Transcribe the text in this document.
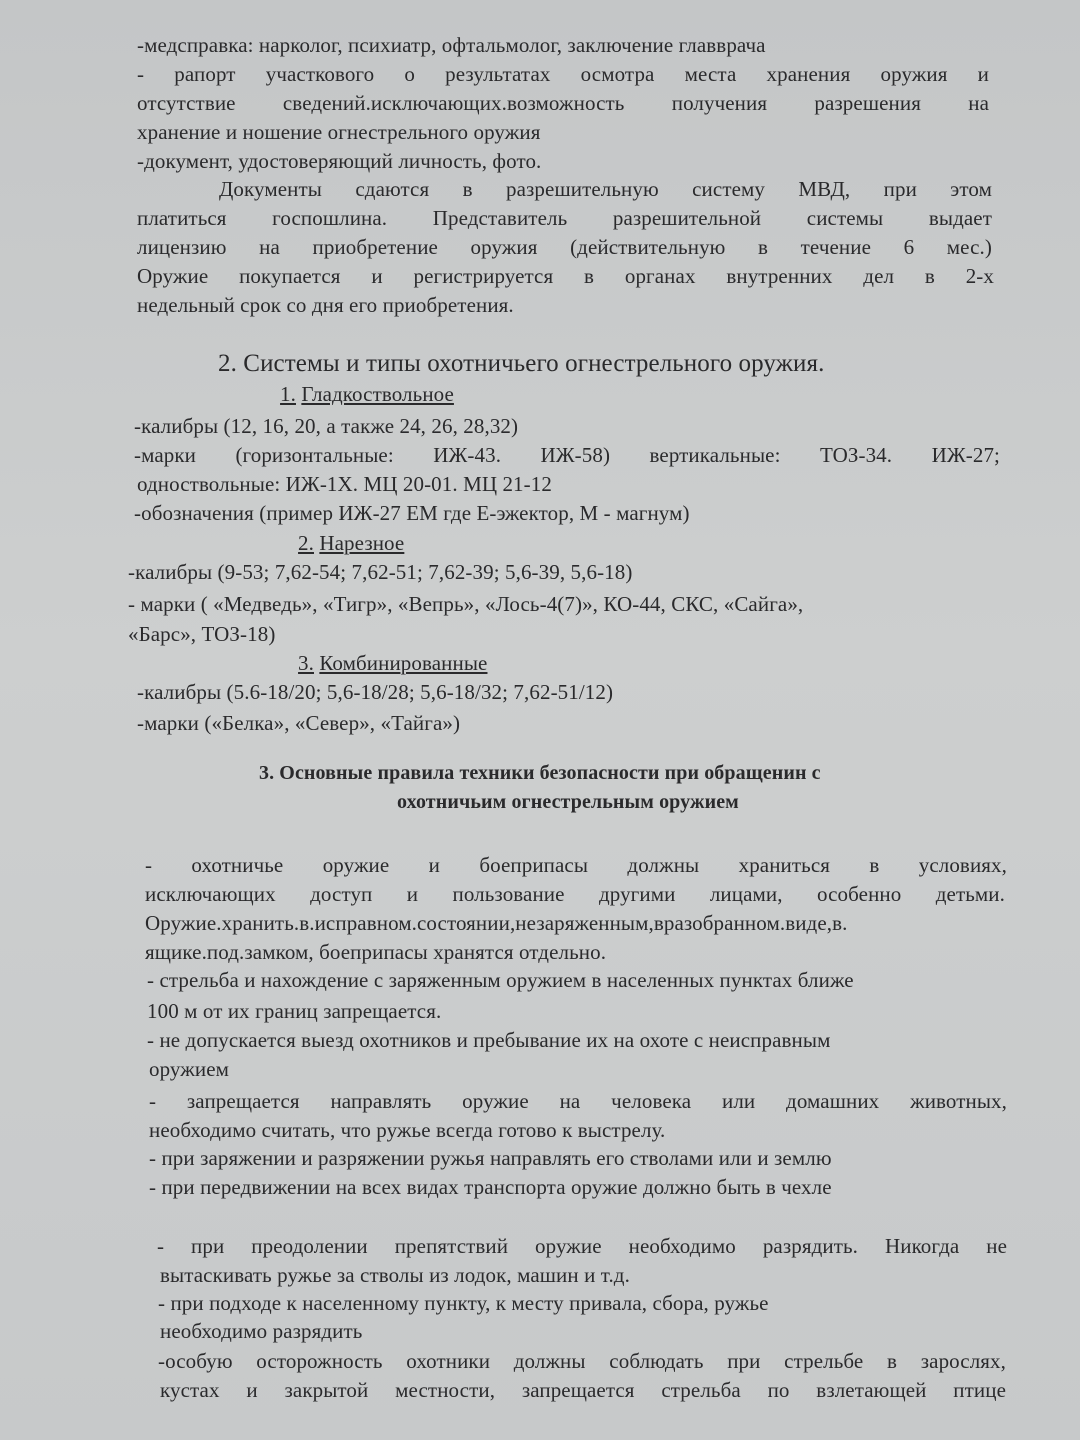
-медсправка: нарколог, психиатр, офтальмолог, заключение главврача

- рапорт участкового о результатах осмотра места хранения оружия и

отсутствие сведений.исключающих.возможность получения разрешения на

хранение и ношение огнестрельного оружия

-документ, удостоверяющий личность, фото.

Документы сдаются в разрешительную систему МВД, при этом

платиться госпошлина. Представитель разрешительной системы выдает

лицензию на приобретение оружия (действительную в течение 6 мес.)

Оружие покупается и регистрируется в органах внутренних дел в 2-х

недельный срок со дня его приобретения.

2. Системы и типы охотничьего огнестрельного оружия.

1. Гладкоствольное

-калибры (12, 16, 20, а также 24, 26, 28,32)

-марки (горизонтальные: ИЖ-43. ИЖ-58) вертикальные: ТОЗ-34. ИЖ-27;

одноствольные: ИЖ-1Х. МЦ 20-01. МЦ 21-12

-обозначения (пример ИЖ-27 ЕМ где Е-эжектор, М - магнум)

2. Нарезное

-калибры (9-53; 7,62-54; 7,62-51; 7,62-39; 5,6-39, 5,6-18)

- марки ( «Медведь», «Тигр», «Вепрь», «Лось-4(7)», КО-44, СКС, «Сайга»,

«Барс», ТОЗ-18)

3. Комбинированные

-калибры (5.6-18/20; 5,6-18/28; 5,6-18/32; 7,62-51/12)

-марки («Белка», «Север», «Тайга»)

3. Основные правила техники безопасности при обращенин с

охотничьим огнестрельным оружием

- охотничье оружие и боеприпасы должны храниться в условиях,

исключающих доступ и пользование другими лицами, особенно детьми.

Оружие.хранить.в.исправном.состоянии,незаряженным,вразобранном.виде,в.

ящике.под.замком, боеприпасы хранятся отдельно.

- стрельба и нахождение с заряженным оружием в населенных пунктах ближе

100 м от их границ запрещается.

- не допускается выезд охотников и пребывание их на охоте с неисправным

оружием

- запрещается направлять оружие на человека или домашних животных,

необходимо считать, что ружье всегда готово к выстрелу.

- при заряжении и разряжении ружья направлять его стволами или и землю

- при передвижении на всех видах транспорта оружие должно быть в чехле

- при преодолении препятствий оружие необходимо разрядить. Никогда не

вытаскивать ружье за стволы из лодок, машин и т.д.

- при подходе к населенному пункту, к месту привала, сбора, ружье

необходимо разрядить

-особую осторожность охотники должны соблюдать при стрельбе в зарослях,

кустах и закрытой местности, запрещается стрельба по взлетающей птице
